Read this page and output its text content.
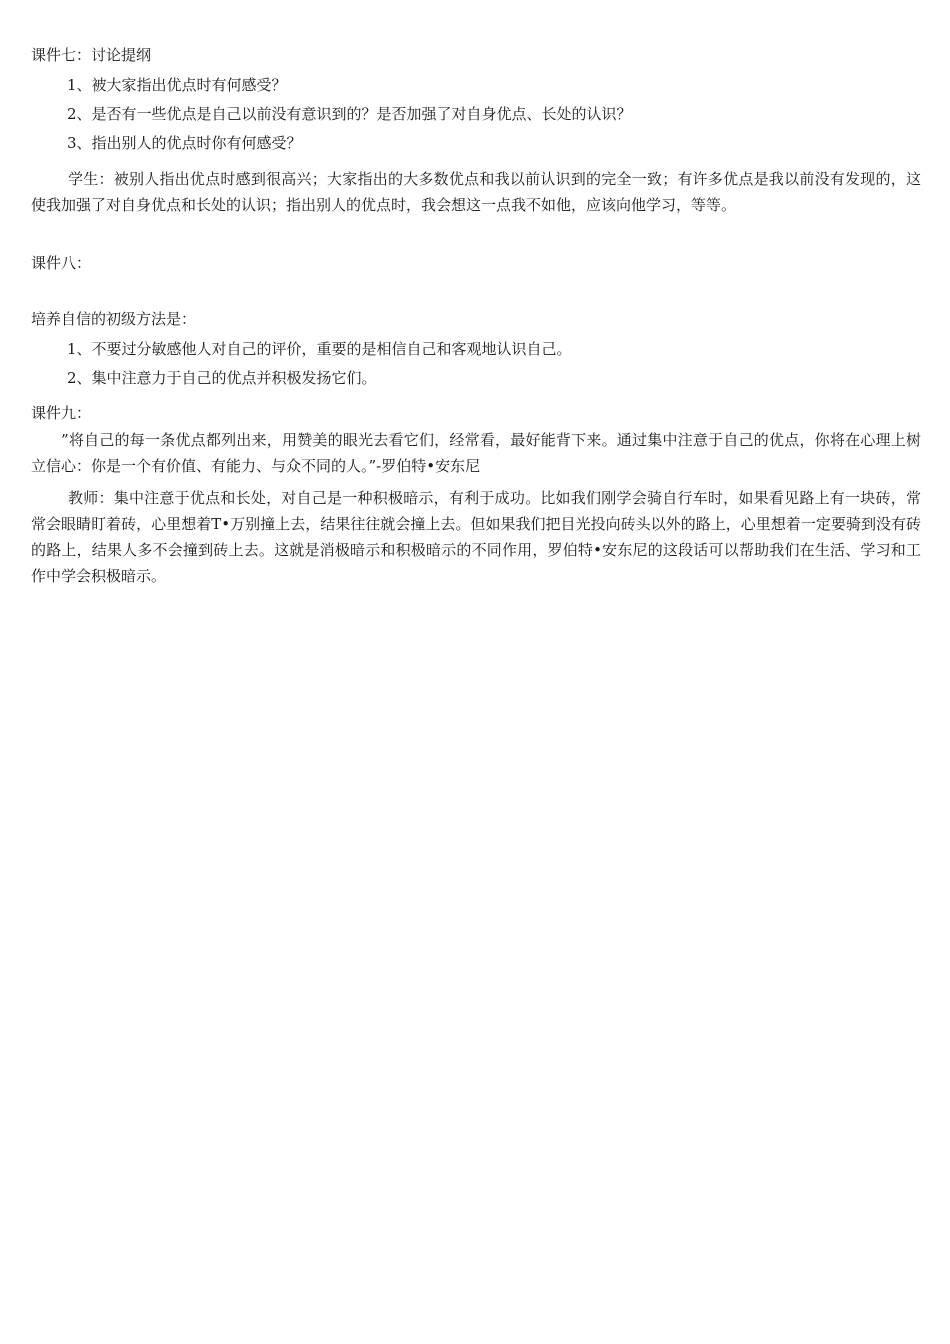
课件七：讨论提纲
1、被大家指出优点时有何感受？
2、是否有一些优点是自己以前没有意识到的？是否加强了对自身优点、长处的认识？
3、指出别人的优点时你有何感受？
学生：被别人指出优点时感到很高兴；大家指出的大多数优点和我以前认识到的完全一致；有许多优点是我以前没有发现的，这使我加强了对自身优点和长处的认识；指出别人的优点时，我会想这一点我不如他，应该向他学习，等等。
课件八：
培养自信的初级方法是：
1、不要过分敏感他人对自己的评价，重要的是相信自己和客观地认识自己。
2、集中注意力于自己的优点并积极发扬它们。
课件九：
”将自己的每一条优点都列出来，用赞美的眼光去看它们，经常看，最好能背下来。通过集中注意于自己的优点，你将在心理上树立信心：你是一个有价值、有能力、与众不同的人。”-罗伯特•安东尼
教师：集中注意于优点和长处，对自己是一种积极暗示，有利于成功。比如我们刚学会骑自行车时，如果看见路上有一块砖，常常会眼睛盯着砖，心里想着T•万别撞上去，结果往往就会撞上去。但如果我们把目光投向砖头以外的路上，心里想着一定要骑到没有砖的路上，结果人多不会撞到砖上去。这就是消极暗示和积极暗示的不同作用，罗伯特•安东尼的这段话可以帮助我们在生活、学习和工作中学会积极暗示。
